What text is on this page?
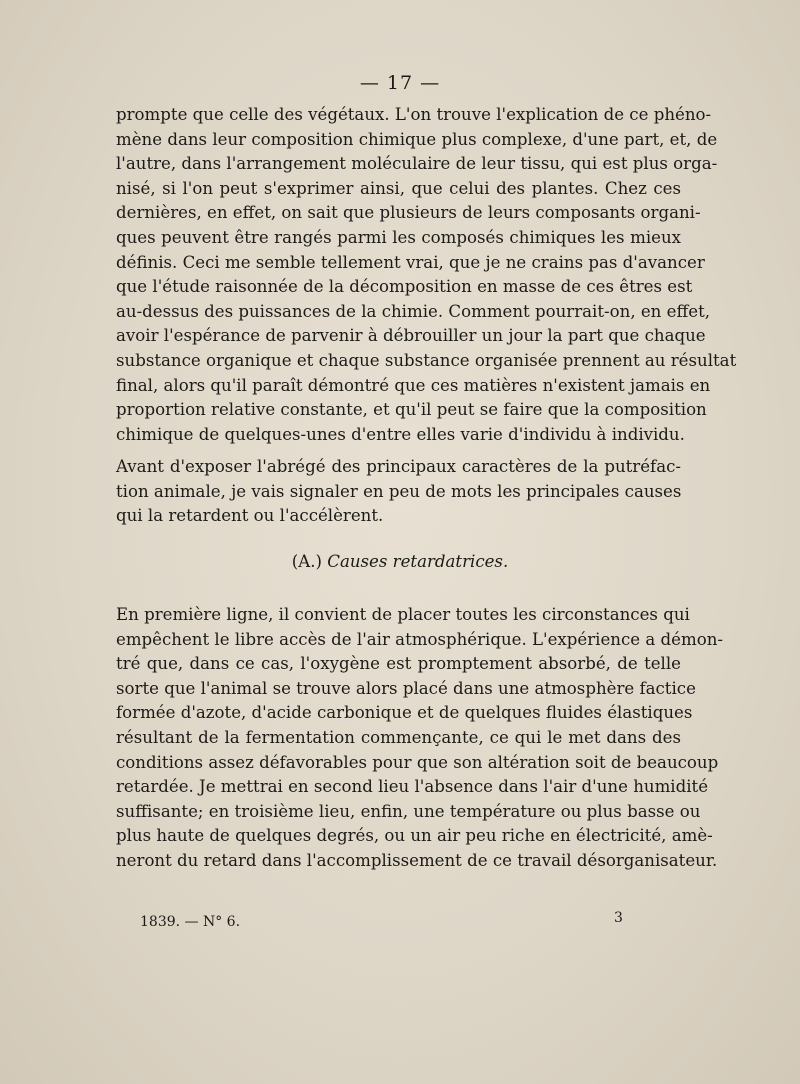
— 17 —

prompte que celle des végétaux. L'on trouve l'explication de ce phéno-
mène dans leur composition chimique plus complexe, d'une part, et, de
l'autre, dans l'arrangement moléculaire de leur tissu, qui est plus orga-
nisé, si l'on peut s'exprimer ainsi, que celui des plantes. Chez ces
dernières, en effet, on sait que plusieurs de leurs composants organi-
ques peuvent être rangés parmi les composés chimiques les mieux
définis. Ceci me semble tellement vrai, que je ne crains pas d'avancer
que l'étude raisonnée de la décomposition en masse de ces êtres est
au-dessus des puissances de la chimie. Comment pourrait-on, en effet,
avoir l'espérance de parvenir à débrouiller un jour la part que chaque
substance organique et chaque substance organisée prennent au résultat
final, alors qu'il paraît démontré que ces matières n'existent jamais en
proportion relative constante, et qu'il peut se faire que la composition
chimique de quelques-unes d'entre elles varie d'individu à individu.

Avant d'exposer l'abrégé des principaux caractères de la putréfac-
tion animale, je vais signaler en peu de mots les principales causes
qui la retardent ou l'accélèrent.

(A.) Causes retardatrices.

En première ligne, il convient de placer toutes les circonstances qui
empêchent le libre accès de l'air atmosphérique. L'expérience a démon-
tré que, dans ce cas, l'oxygène est promptement absorbé, de telle
sorte que l'animal se trouve alors placé dans une atmosphère factice
formée d'azote, d'acide carbonique et de quelques fluides élastiques
résultant de la fermentation commençante, ce qui le met dans des
conditions assez défavorables pour que son altération soit de beaucoup
retardée. Je mettrai en second lieu l'absence dans l'air d'une humidité
suffisante; en troisième lieu, enfin, une température ou plus basse ou
plus haute de quelques degrés, ou un air peu riche en électricité, amè-
neront du retard dans l'accomplissement de ce travail désorganisateur.

1839. — N° 6.	3
